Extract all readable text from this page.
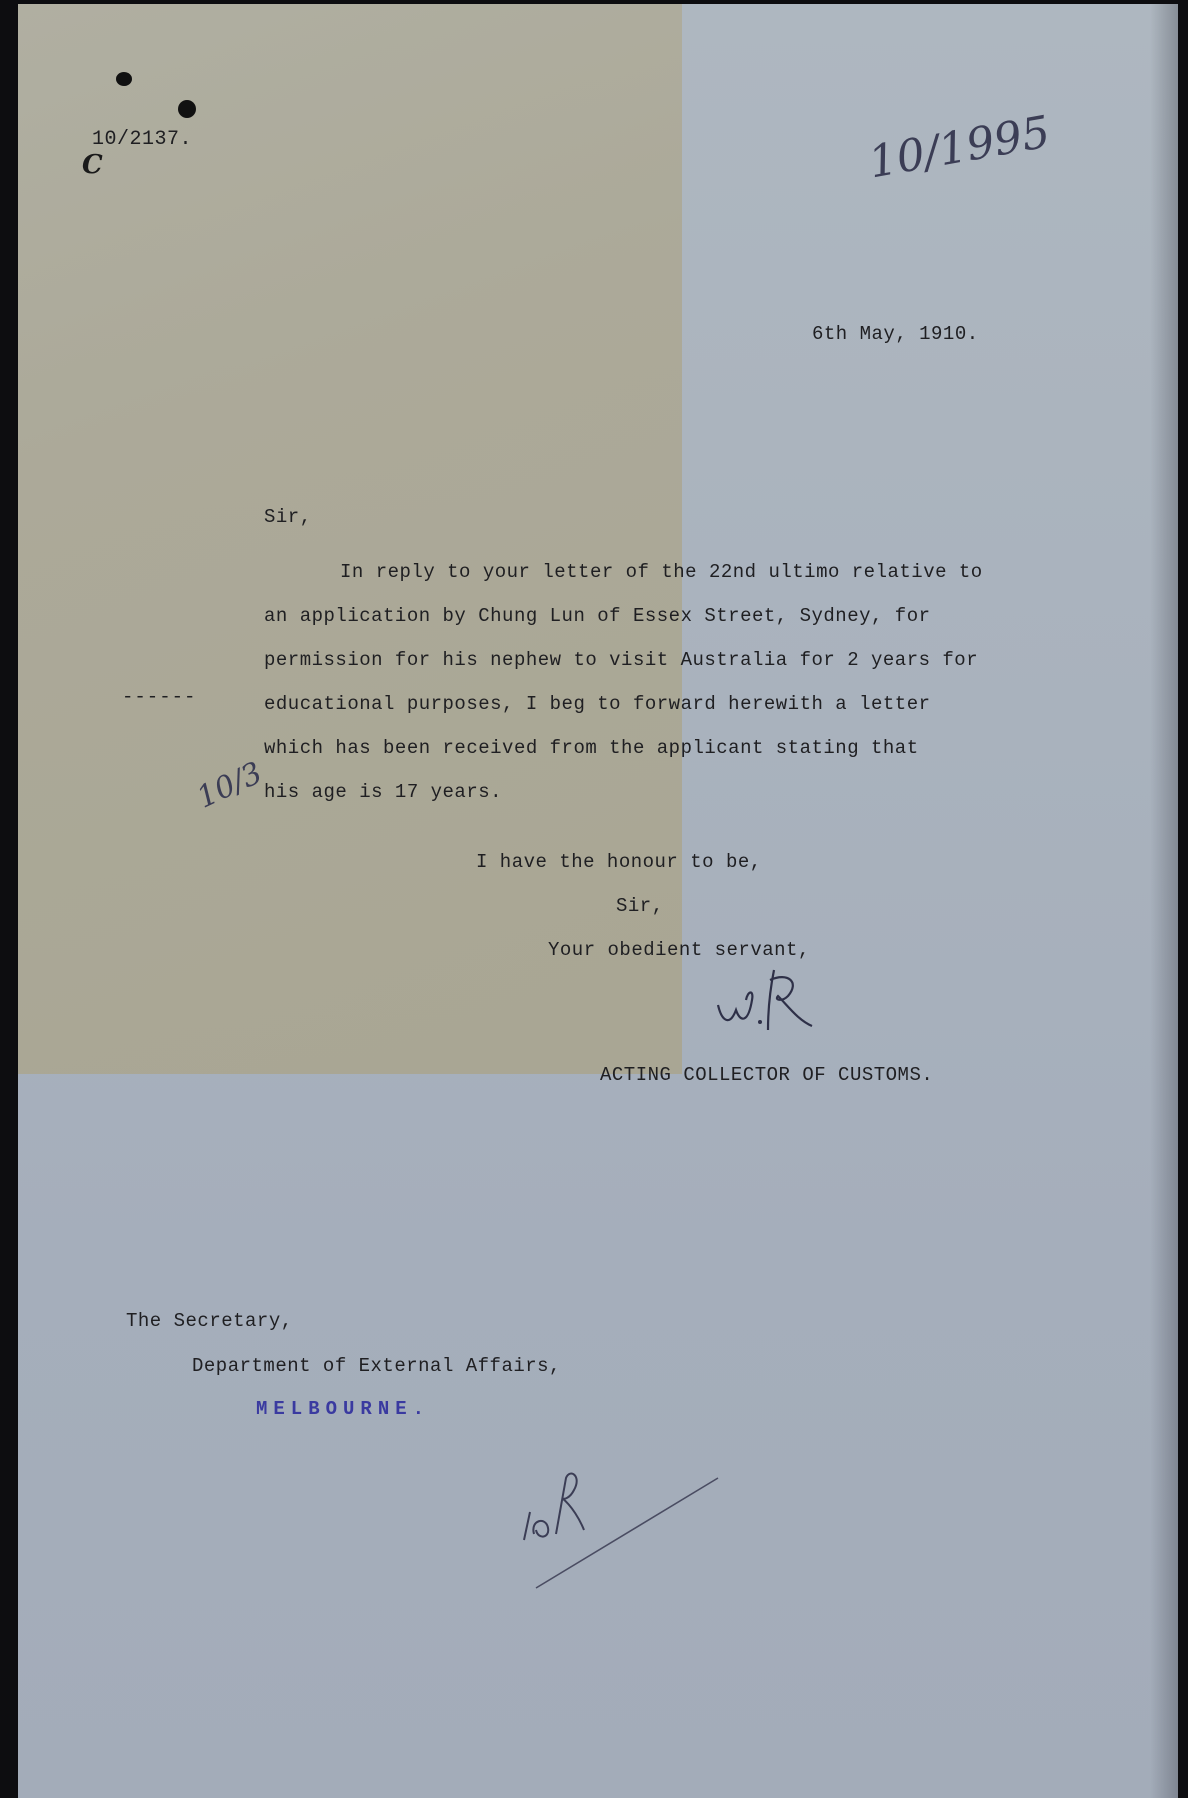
C
10/2137.	10/1995
6th May, 1910.
Sir,
In reply to your letter of the 22nd ultimo relative to
an application by Chung Lun of Essex Street, Sydney, for
permission for his nephew to visit Australia for 2 years for
educational purposes, I beg to forward herewith a letter
which has been received from the applicant stating that
his age is 17 years.
------
10/3
I have the honour to be,
Sir,
Your obedient servant,
ACTING COLLECTOR OF CUSTOMS.
The Secretary,
Department of External Affairs,
MELBOURNE.
